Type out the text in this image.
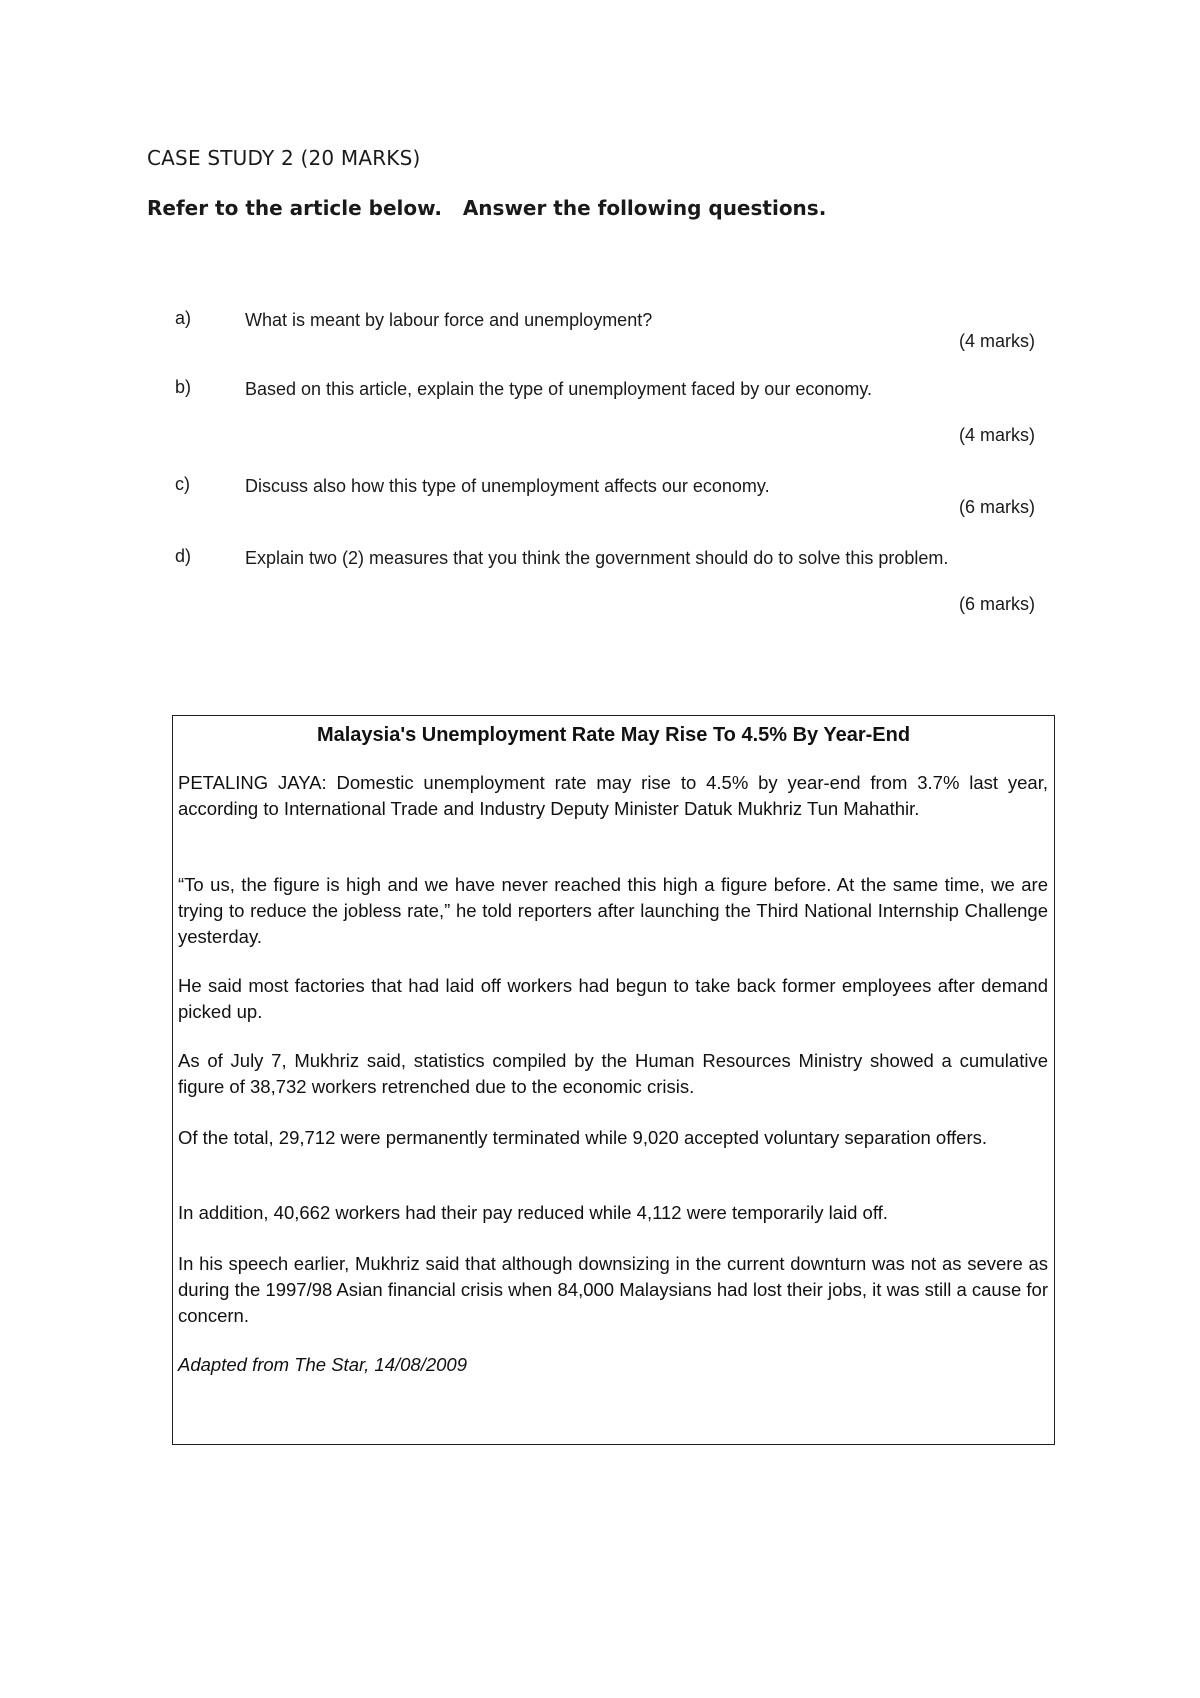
CASE STUDY 2 (20 MARKS)
Refer to the article below.   Answer the following questions.
a)	What is meant by labour force and unemployment?
(4 marks)
b)	Based on this article, explain the type of unemployment faced by our economy.
(4 marks)
c)	Discuss also how this type of unemployment affects our economy.
(6 marks)
d)	Explain two (2) measures that you think the government should do to solve this problem.
(6 marks)
Malaysia's Unemployment Rate May Rise To 4.5% By Year-End

PETALING JAYA: Domestic unemployment rate may rise to 4.5% by year-end from 3.7% last year, according to International Trade and Industry Deputy Minister Datuk Mukhriz Tun Mahathir.

“To us, the figure is high and we have never reached this high a figure before. At the same time, we are trying to reduce the jobless rate,” he told reporters after launching the Third National Internship Challenge yesterday.

He said most factories that had laid off workers had begun to take back former employees after demand picked up.

As of July 7, Mukhriz said, statistics compiled by the Human Resources Ministry showed a cumulative figure of 38,732 workers retrenched due to the economic crisis.

Of the total, 29,712 were permanently terminated while 9,020 accepted voluntary separation offers.

In addition, 40,662 workers had their pay reduced while 4,112 were temporarily laid off.

In his speech earlier, Mukhriz said that although downsizing in the current downturn was not as severe as during the 1997/98 Asian financial crisis when 84,000 Malaysians had lost their jobs, it was still a cause for concern.

Adapted from The Star, 14/08/2009
